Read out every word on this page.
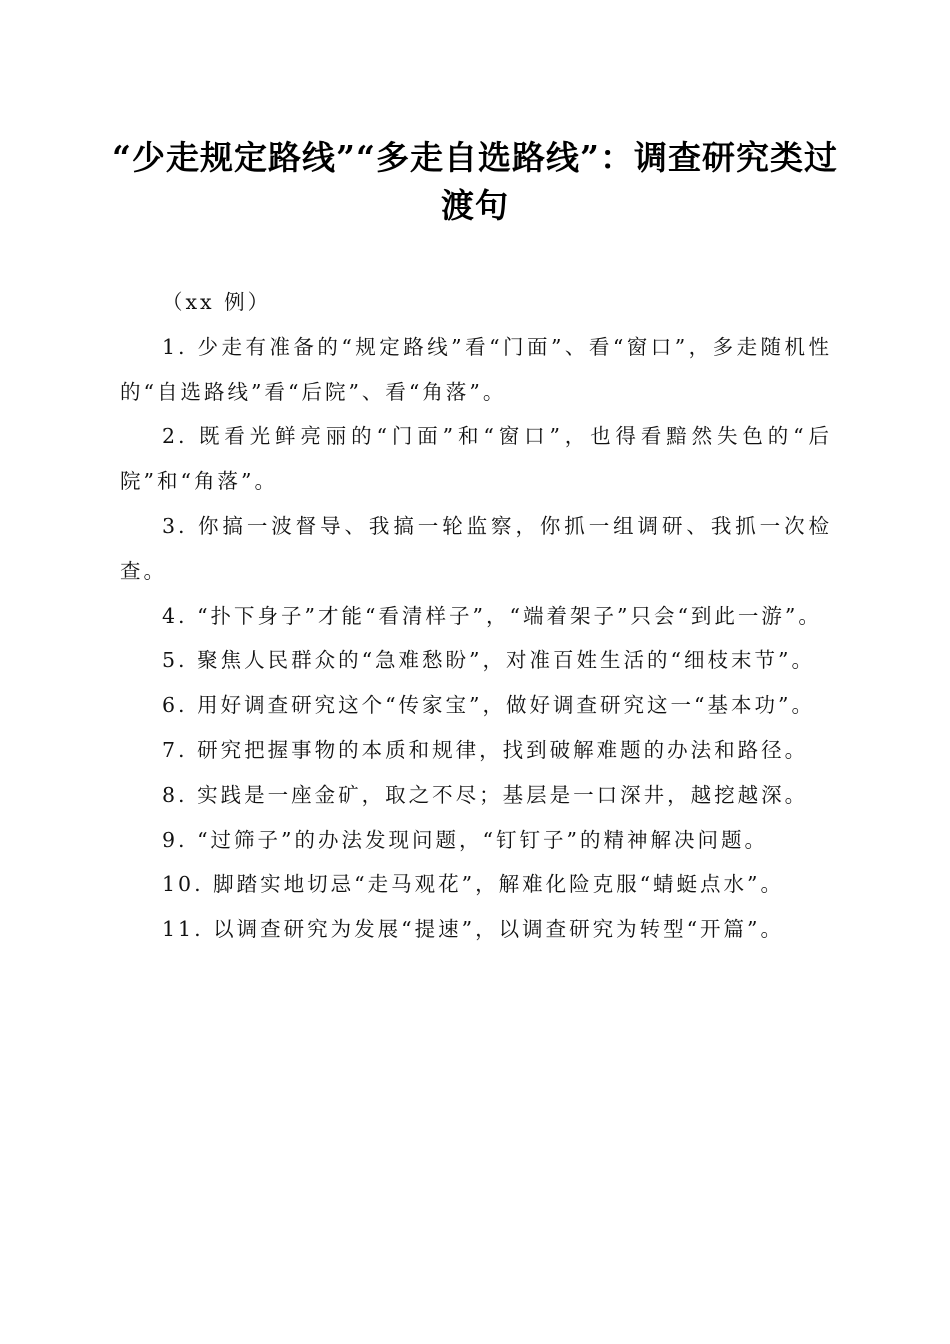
“少走规定路线”“多走自选路线”：调查研究类过渡句

（xx 例）

1. 少走有准备的“规定路线”看“门面”、看“窗口”，多走随机性的“自选路线”看“后院”、看“角落”。

2. 既看光鲜亮丽的“门面”和“窗口”，也得看黯然失色的“后院”和“角落”。

3. 你搞一波督导、我搞一轮监察，你抓一组调研、我抓一次检查。

4. “扑下身子”才能“看清样子”，“端着架子”只会“到此一游”。

5. 聚焦人民群众的“急难愁盼”，对准百姓生活的“细枝末节”。

6. 用好调查研究这个“传家宝”，做好调查研究这一“基本功”。

7. 研究把握事物的本质和规律，找到破解难题的办法和路径。

8. 实践是一座金矿，取之不尽；基层是一口深井，越挖越深。

9. “过筛子”的办法发现问题，“钉钉子”的精神解决问题。

10. 脚踏实地切忌“走马观花”，解难化险克服“蜻蜓点水”。

11. 以调查研究为发展“提速”，以调查研究为转型“开篇”。
